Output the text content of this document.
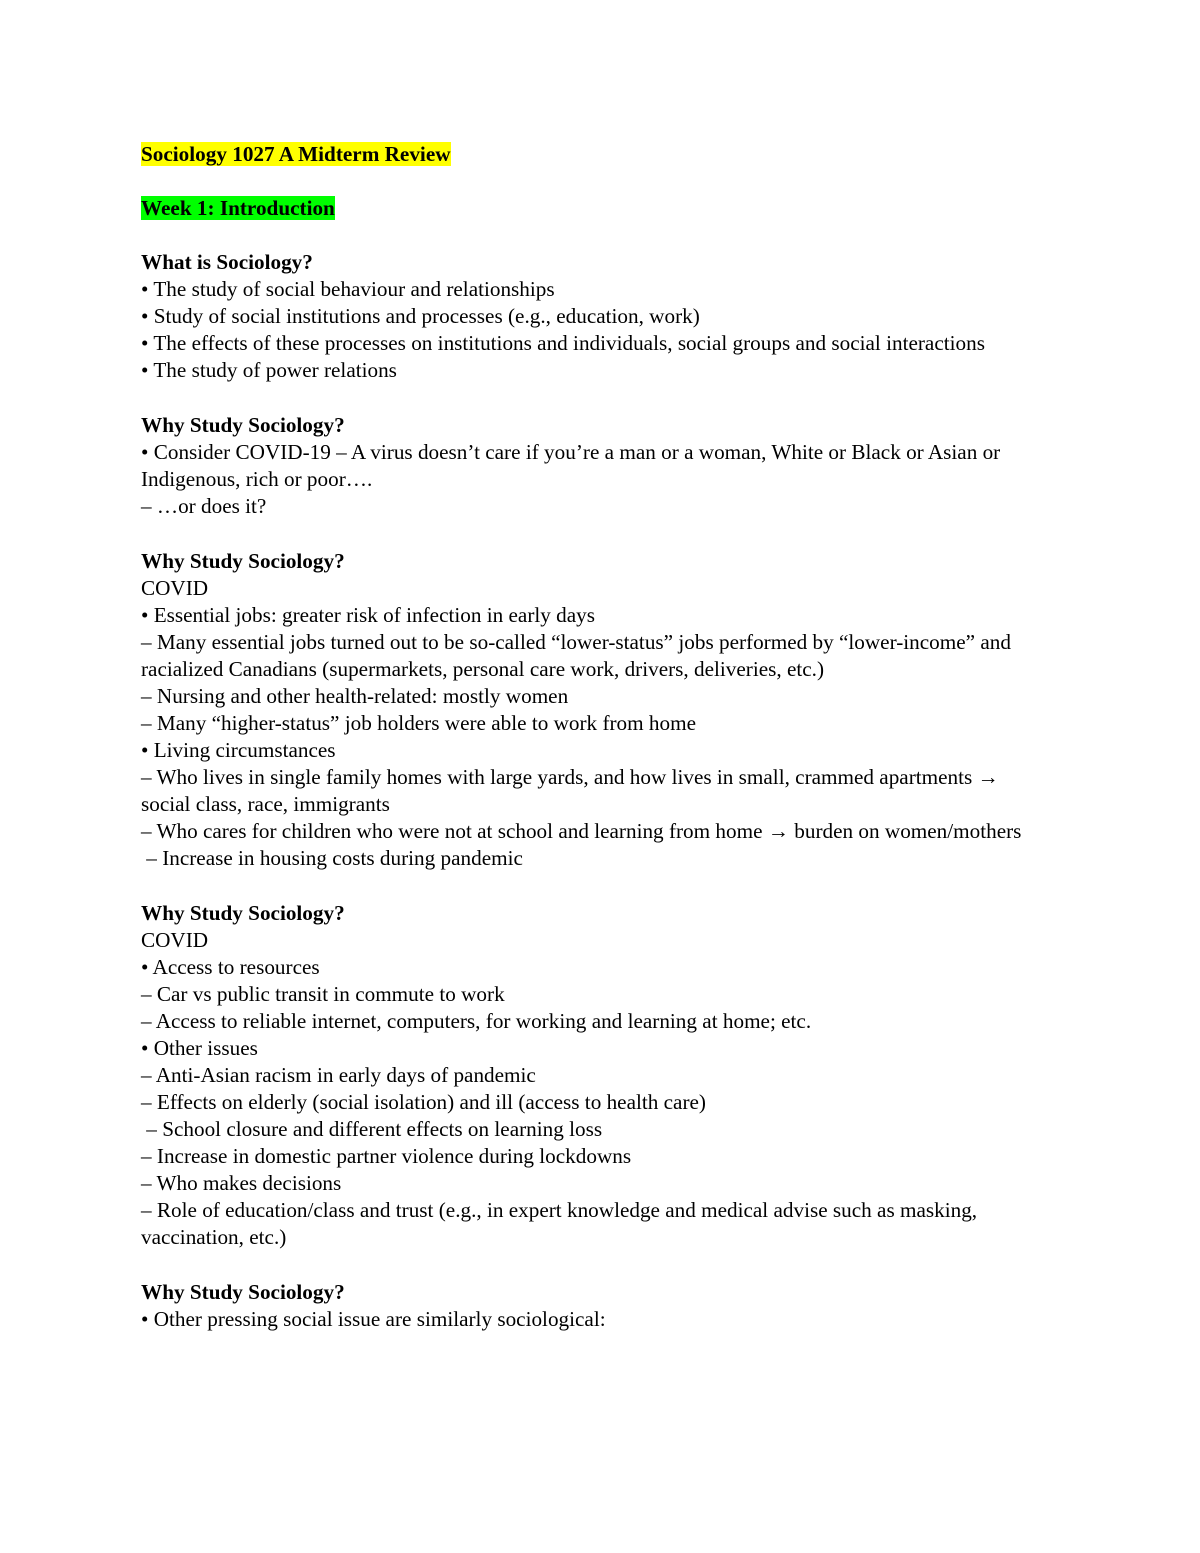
Sociology 1027 A Midterm Review
Week 1: Introduction
What is Sociology?
• The study of social behaviour and relationships
• Study of social institutions and processes (e.g., education, work)
• The effects of these processes on institutions and individuals, social groups and social interactions
• The study of power relations
Why Study Sociology?
• Consider COVID-19 – A virus doesn’t care if you’re a man or a woman, White or Black or Asian or Indigenous, rich or poor….
– …or does it?
Why Study Sociology?
COVID
• Essential jobs: greater risk of infection in early days
– Many essential jobs turned out to be so-called “lower-status” jobs performed by “lower-income” and racialized Canadians (supermarkets, personal care work, drivers, deliveries, etc.)
– Nursing and other health-related: mostly women
– Many “higher-status” job holders were able to work from home
• Living circumstances
– Who lives in single family homes with large yards, and how lives in small, crammed apartments → social class, race, immigrants
– Who cares for children who were not at school and learning from home → burden on women/mothers
– Increase in housing costs during pandemic
Why Study Sociology?
COVID
• Access to resources
– Car vs public transit in commute to work
– Access to reliable internet, computers, for working and learning at home; etc.
• Other issues
– Anti-Asian racism in early days of pandemic
– Effects on elderly (social isolation) and ill (access to health care)
– School closure and different effects on learning loss
– Increase in domestic partner violence during lockdowns
– Who makes decisions
– Role of education/class and trust (e.g., in expert knowledge and medical advise such as masking, vaccination, etc.)
Why Study Sociology?
• Other pressing social issue are similarly sociological:
